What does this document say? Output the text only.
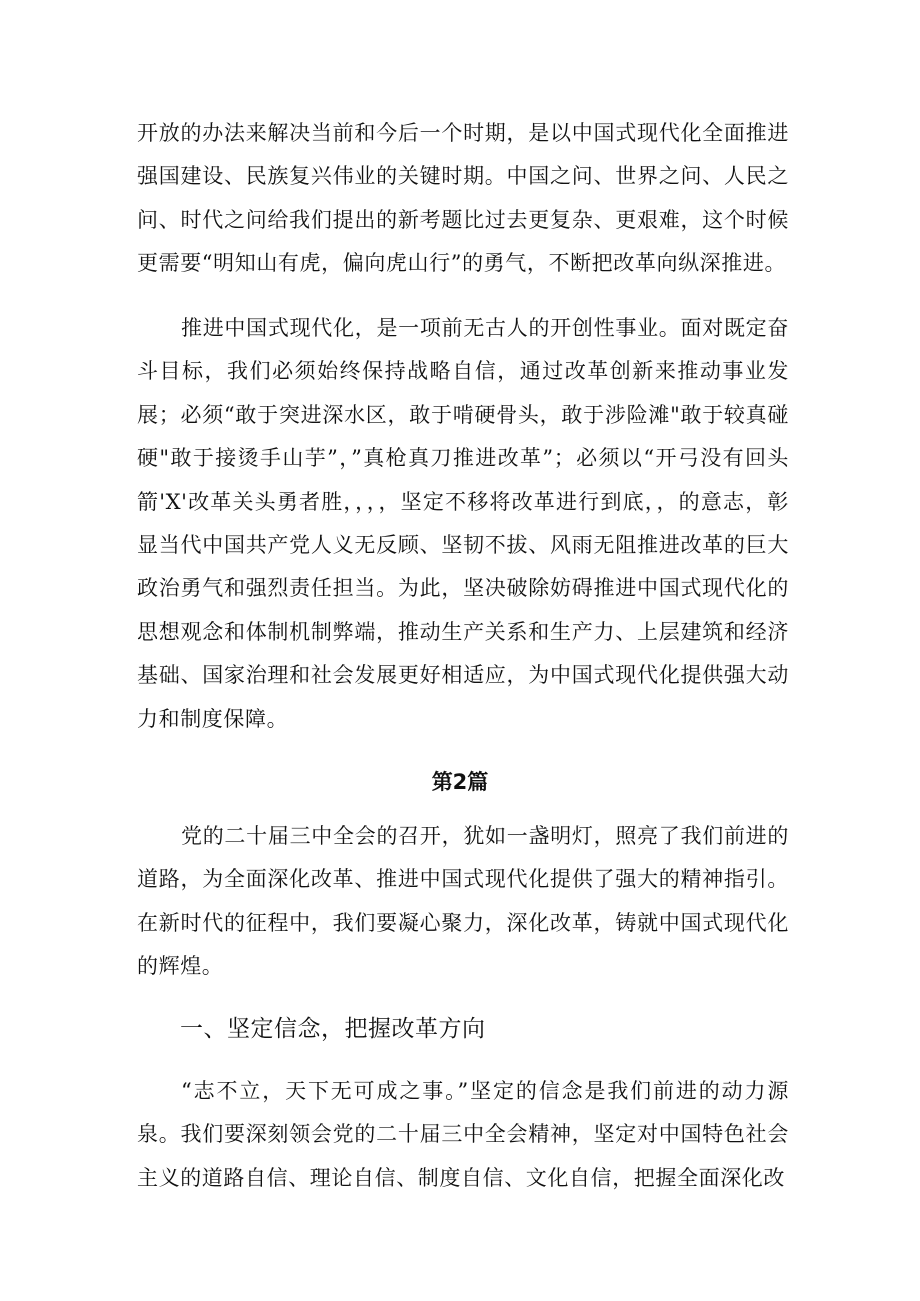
开放的办法来解决当前和今后一个时期，是以中国式现代化全面推进强国建设、民族复兴伟业的关键时期。中国之问、世界之问、人民之问、时代之问给我们提出的新考题比过去更复杂、更艰难，这个时候更需要“明知山有虎，偏向虎山行”的勇气，不断把改革向纵深推进。

推进中国式现代化，是一项前无古人的开创性事业。面对既定奋斗目标，我们必须始终保持战略自信，通过改革创新来推动事业发展；必须“敢于突进深水区，敢于啃硬骨头，敢于涉险滩"敢于较真碰硬"敢于接烫手山芋”，”真枪真刀推进改革”；必须以“开弓没有回头箭'X'改革关头勇者胜，，，，坚定不移将改革进行到底，，的意志，彰显当代中国共产党人义无反顾、坚韧不拔、风雨无阻推进改革的巨大政治勇气和强烈责任担当。为此，坚决破除妨碍推进中国式现代化的思想观念和体制机制弊端，推动生产关系和生产力、上层建筑和经济基础、国家治理和社会发展更好相适应，为中国式现代化提供强大动力和制度保障。

第2篇

党的二十届三中全会的召开，犹如一盏明灯，照亮了我们前进的道路，为全面深化改革、推进中国式现代化提供了强大的精神指引。在新时代的征程中，我们要凝心聚力，深化改革，铸就中国式现代化的辉煌。

一、坚定信念，把握改革方向

“志不立，天下无可成之事。”坚定的信念是我们前进的动力源泉。我们要深刻领会党的二十届三中全会精神，坚定对中国特色社会主义的道路自信、理论自信、制度自信、文化自信，把握全面深化改
